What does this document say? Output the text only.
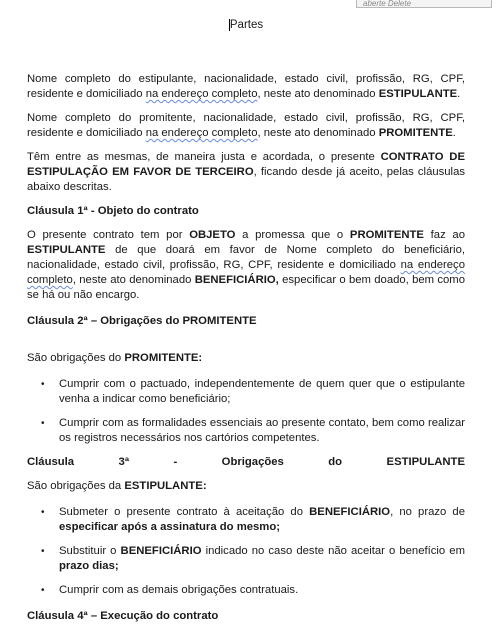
aberte Delete
Partes

Nome completo do estipulante, nacionalidade, estado civil, profissão, RG, CPF, residente e domiciliado na endereço completo, neste ato denominado ESTIPULANTE.

Nome completo do promitente, nacionalidade, estado civil, profissão, RG, CPF, residente e domiciliado na endereço completo, neste ato denominado PROMITENTE.

Têm entre as mesmas, de maneira justa e acordada, o presente CONTRATO DE ESTIPULAÇÃO EM FAVOR DE TERCEIRO, ficando desde já aceito, pelas cláusulas abaixo descritas.

Cláusula 1ª - Objeto do contrato

O presente contrato tem por OBJETO a promessa que o PROMITENTE faz ao ESTIPULANTE de que doará em favor de Nome completo do beneficiário, nacionalidade, estado civil, profissão, RG, CPF, residente e domiciliado na endereço completo, neste ato denominado BENEFICIÁRIO, especificar o bem doado, bem como se há ou não encargo.

Cláusula 2ª – Obrigações do PROMITENTE

São obrigações do PROMITENTE:

• Cumprir com o pactuado, independentemente de quem quer que o estipulante venha a indicar como beneficiário;
• Cumprir com as formalidades essenciais ao presente contato, bem como realizar os registros necessários nos cartórios competentes.

Cláusula 3ª - Obrigações do ESTIPULANTE

São obrigações da ESTIPULANTE:

• Submeter o presente contrato à aceitação do BENEFICIÁRIO, no prazo de especificar após a assinatura do mesmo;
• Substituir o BENEFICIÁRIO indicado no caso deste não aceitar o benefício em prazo dias;
• Cumprir com as demais obrigações contratuais.

Cláusula 4ª – Execução do contrato
